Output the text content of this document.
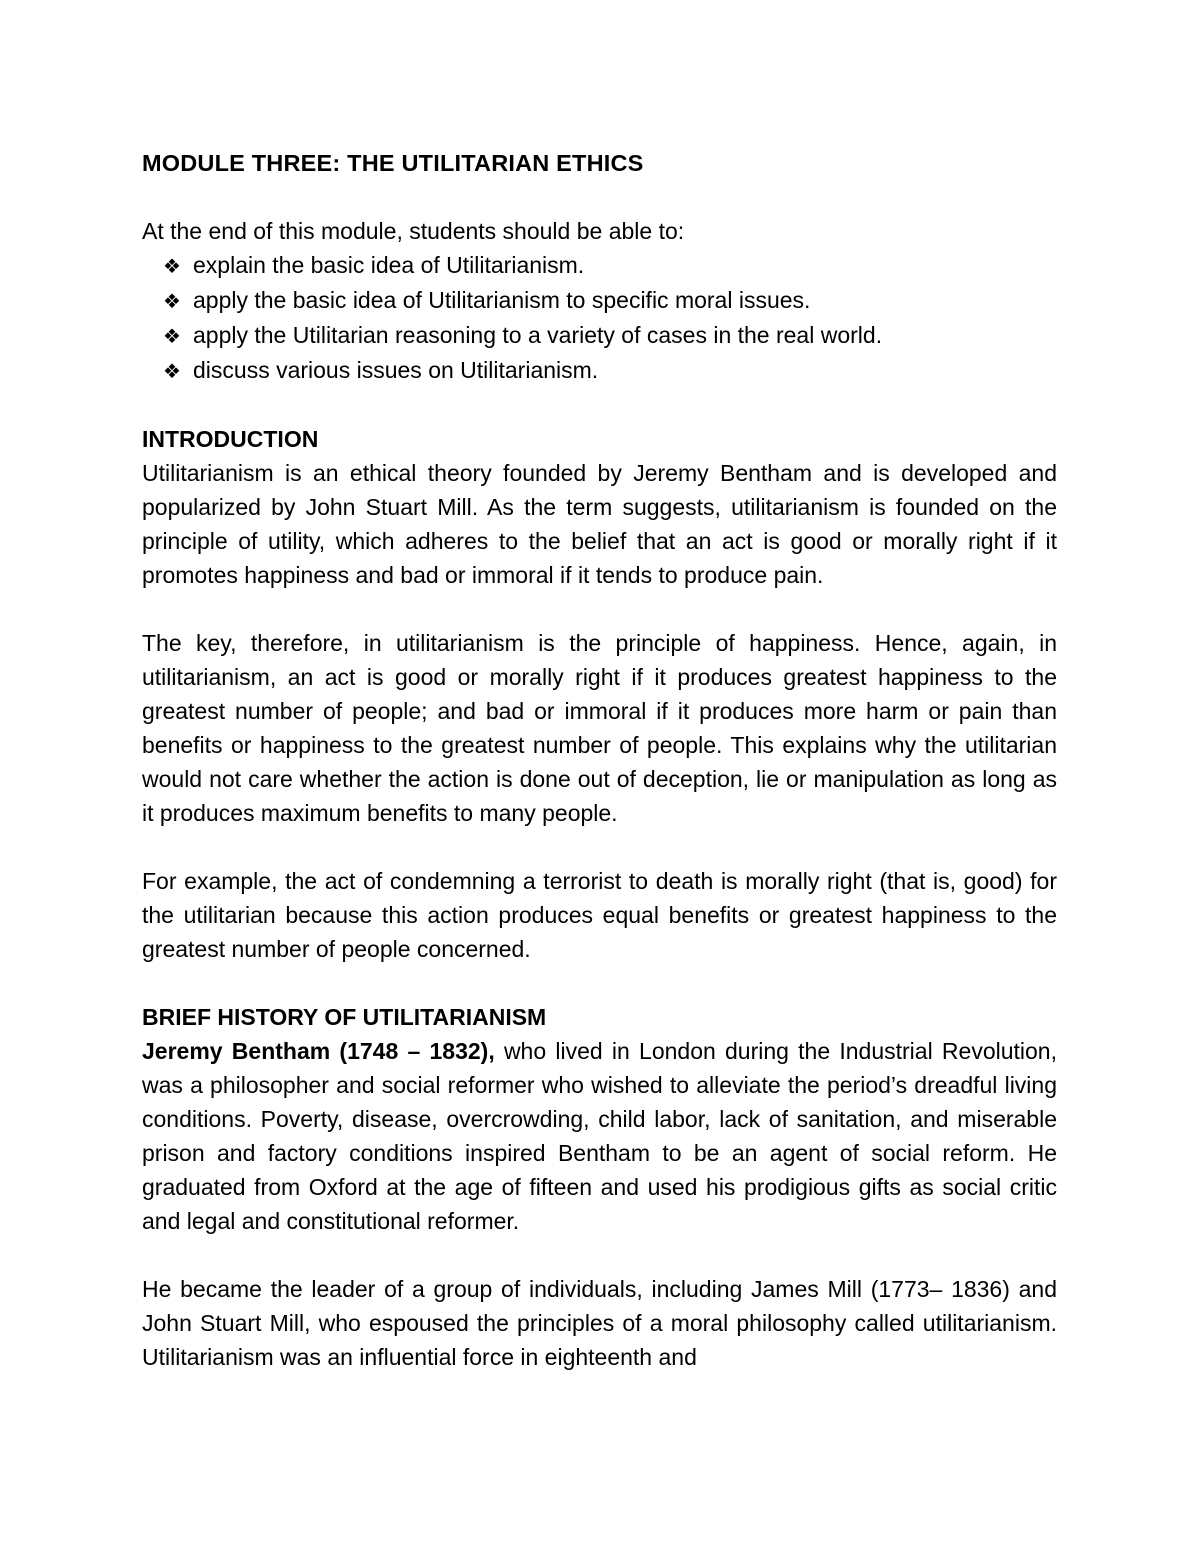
MODULE THREE: THE UTILITARIAN ETHICS

At the end of this module, students should be able to:

❖ explain the basic idea of Utilitarianism.
❖ apply the basic idea of Utilitarianism to specific moral issues.
❖ apply the Utilitarian reasoning to a variety of cases in the real world.
❖ discuss various issues on Utilitarianism.
INTRODUCTION

Utilitarianism is an ethical theory founded by Jeremy Bentham and is developed and popularized by John Stuart Mill. As the term suggests, utilitarianism is founded on the principle of utility, which adheres to the belief that an act is good or morally right if it promotes happiness and bad or immoral if it tends to produce pain.

The key, therefore, in utilitarianism is the principle of happiness. Hence, again, in utilitarianism, an act is good or morally right if it produces greatest happiness to the greatest number of people; and bad or immoral if it produces more harm or pain than benefits or happiness to the greatest number of people. This explains why the utilitarian would not care whether the action is done out of deception, lie or manipulation as long as it produces maximum benefits to many people.

For example, the act of condemning a terrorist to death is morally right (that is, good) for the utilitarian because this action produces equal benefits or greatest happiness to the greatest number of people concerned.

BRIEF HISTORY OF UTILITARIANISM

Jeremy Bentham (1748 – 1832), who lived in London during the Industrial Revolution, was a philosopher and social reformer who wished to alleviate the period’s dreadful living conditions. Poverty, disease, overcrowding, child labor, lack of sanitation, and miserable prison and factory conditions inspired Bentham to be an agent of social reform. He graduated from Oxford at the age of fifteen and used his prodigious gifts as social critic and legal and constitutional reformer.

He became the leader of a group of individuals, including James Mill (1773– 1836) and John Stuart Mill, who espoused the principles of a moral philosophy called utilitarianism. Utilitarianism was an influential force in eighteenth and
